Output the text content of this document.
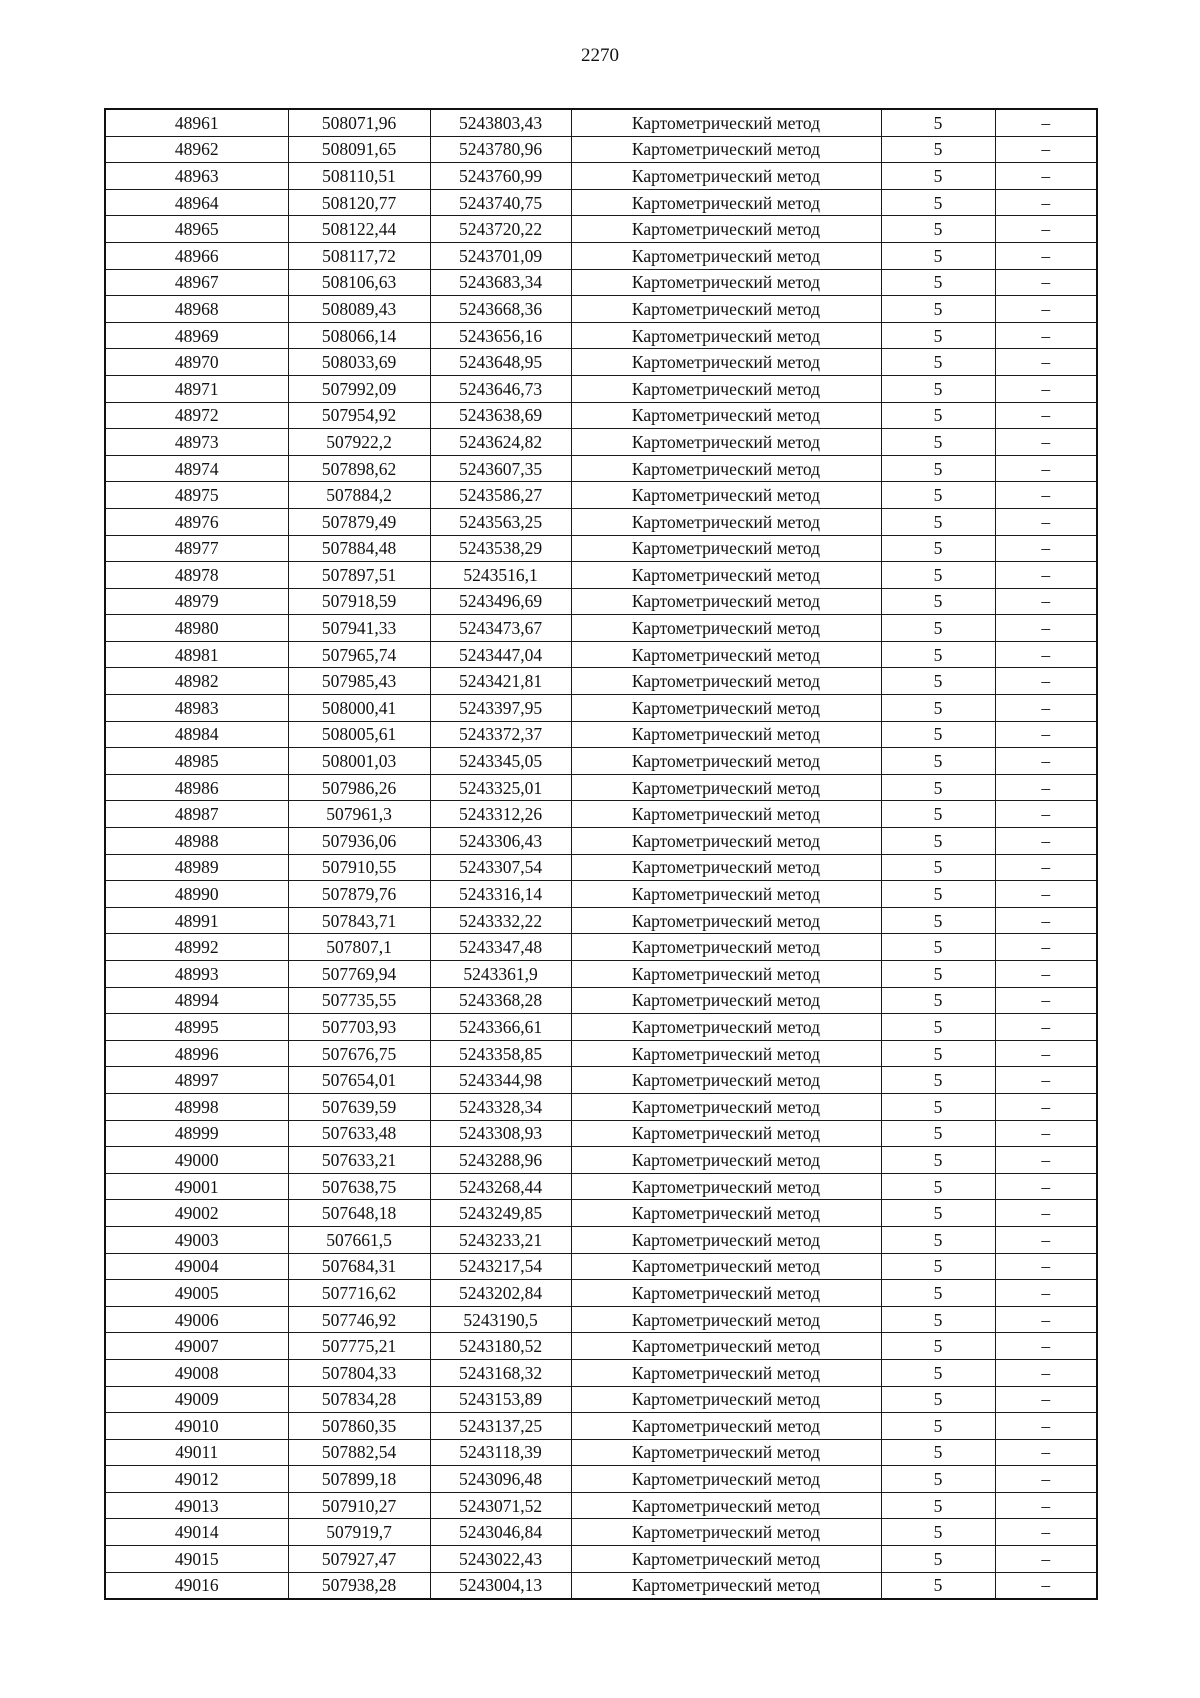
2270
48961	508071,96	5243803,43	Картометрический метод	5	–
48962	508091,65	5243780,96	Картометрический метод	5	–
48963	508110,51	5243760,99	Картометрический метод	5	–
48964	508120,77	5243740,75	Картометрический метод	5	–
48965	508122,44	5243720,22	Картометрический метод	5	–
48966	508117,72	5243701,09	Картометрический метод	5	–
48967	508106,63	5243683,34	Картометрический метод	5	–
48968	508089,43	5243668,36	Картометрический метод	5	–
48969	508066,14	5243656,16	Картометрический метод	5	–
48970	508033,69	5243648,95	Картометрический метод	5	–
48971	507992,09	5243646,73	Картометрический метод	5	–
48972	507954,92	5243638,69	Картометрический метод	5	–
48973	507922,2	5243624,82	Картометрический метод	5	–
48974	507898,62	5243607,35	Картометрический метод	5	–
48975	507884,2	5243586,27	Картометрический метод	5	–
48976	507879,49	5243563,25	Картометрический метод	5	–
48977	507884,48	5243538,29	Картометрический метод	5	–
48978	507897,51	5243516,1	Картометрический метод	5	–
48979	507918,59	5243496,69	Картометрический метод	5	–
48980	507941,33	5243473,67	Картометрический метод	5	–
48981	507965,74	5243447,04	Картометрический метод	5	–
48982	507985,43	5243421,81	Картометрический метод	5	–
48983	508000,41	5243397,95	Картометрический метод	5	–
48984	508005,61	5243372,37	Картометрический метод	5	–
48985	508001,03	5243345,05	Картометрический метод	5	–
48986	507986,26	5243325,01	Картометрический метод	5	–
48987	507961,3	5243312,26	Картометрический метод	5	–
48988	507936,06	5243306,43	Картометрический метод	5	–
48989	507910,55	5243307,54	Картометрический метод	5	–
48990	507879,76	5243316,14	Картометрический метод	5	–
48991	507843,71	5243332,22	Картометрический метод	5	–
48992	507807,1	5243347,48	Картометрический метод	5	–
48993	507769,94	5243361,9	Картометрический метод	5	–
48994	507735,55	5243368,28	Картометрический метод	5	–
48995	507703,93	5243366,61	Картометрический метод	5	–
48996	507676,75	5243358,85	Картометрический метод	5	–
48997	507654,01	5243344,98	Картометрический метод	5	–
48998	507639,59	5243328,34	Картометрический метод	5	–
48999	507633,48	5243308,93	Картометрический метод	5	–
49000	507633,21	5243288,96	Картометрический метод	5	–
49001	507638,75	5243268,44	Картометрический метод	5	–
49002	507648,18	5243249,85	Картометрический метод	5	–
49003	507661,5	5243233,21	Картометрический метод	5	–
49004	507684,31	5243217,54	Картометрический метод	5	–
49005	507716,62	5243202,84	Картометрический метод	5	–
49006	507746,92	5243190,5	Картометрический метод	5	–
49007	507775,21	5243180,52	Картометрический метод	5	–
49008	507804,33	5243168,32	Картометрический метод	5	–
49009	507834,28	5243153,89	Картометрический метод	5	–
49010	507860,35	5243137,25	Картометрический метод	5	–
49011	507882,54	5243118,39	Картометрический метод	5	–
49012	507899,18	5243096,48	Картометрический метод	5	–
49013	507910,27	5243071,52	Картометрический метод	5	–
49014	507919,7	5243046,84	Картометрический метод	5	–
49015	507927,47	5243022,43	Картометрический метод	5	–
49016	507938,28	5243004,13	Картометрический метод	5	–
